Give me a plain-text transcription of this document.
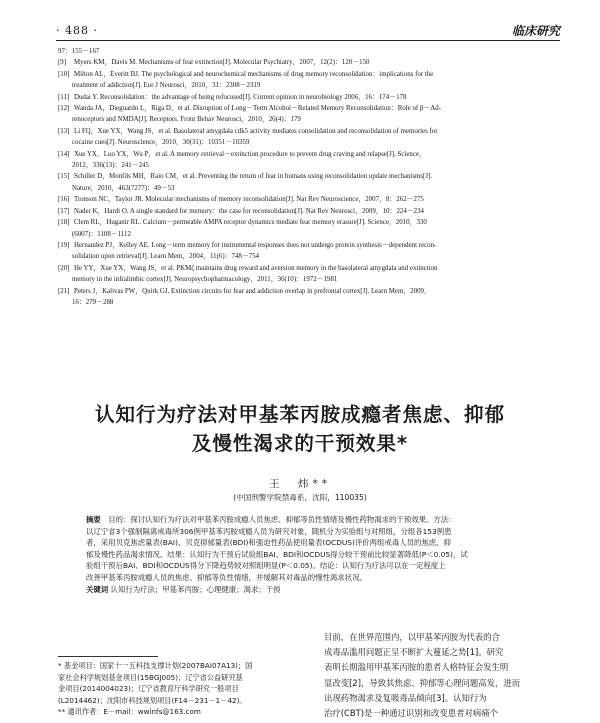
· 488 ·	临床研究
97：155－167
[9] Myers KM，Davis M. Mechanisms of fear extinction[J]. Molecular Psychiatry，2007，12(2)：120－150
[10] Milton AL，Everitt BJ. The psychological and neurochemical mechanisms of drug memory reconsolidation：implications for the
treatment of addiction[J]. Eur J Neurosci，2010，31：2308－2319
[11] Dudai Y. Reconsolidation：the advantage of being refocused[J]. Current opinion in neurobiology 2006，16：174－178
[12] Wanda JA，Dieguardo L，Riga D，et al. Disruption of Long－Term Alcohol－Related Memory Reconsolidation：Role of β－Ad-
renoceptors and NMDA[J]. Receptors. Front Behav Neurosci，2010，26(4)：179
[13] Li FQ，Xue YX，Wang JS，et al. Basolateral amygdala cdk5 activity mediates consolidation and reconsolidation of memories for
cocaine cues[J]. Neuroscience，2010，30(31)：10351－10359
[14] Xue YX，Luo YX，Wu P，et al. A memory retrieval－extinction procedure to prevent drug craving and relapse[J]. Science，
2012，336(13)：241－245
[15] Schiller D，Monfils MH，Raio CM，et al. Preventing the return of fear in humans using reconsolidation update mechanisms[J].
Nature，2010，463(7277)：49－53
[16] Tronson NC，Taylor JR. Molecular mechanisms of memory reconsolidation[J]. Nat Rev Neuroscience，2007，8：262－275
[17] Nader K，Hardt O. A single standard for memory：the case for reconsolidation[J]. Nat Rev Neurosci，2009，10：224－234
[18] Clem RL，Huganir RL. Calcium－permeable AMPA receptor dynamics mediate fear memory erasure[J]. Science，2010，330
(6007)：1108－1112
[19] Hernandez PJ，Kelley AE. Long－term memory for instrumental responses does not undergo protein synthesis－dependent recon-
solidation upon retrieval[J]. Learn Mem，2004，11(6)：748－754
[20] He YY，Xue YX，Wang JS，et al. PKMζ maintains drug reward and aversion memory in the basolateral amygdala and extinction
memory in the infralimbic cortex[J]. Neuropsychopharmacology，2011，36(10)：1972－1981
[21] Peters J，Kalivas PW，Quirk GJ. Extinction circuits for fear and addiction overlap in prefrontal cortex[J]. Learn Mem，2009，
16：279－288
认知行为疗法对甲基苯丙胺成瘾者焦虑、抑郁
及慢性渴求的干预效果*
王　炜**
(中国刑警学院禁毒系，沈阳，110035)
摘要　目的：探讨认知行为疗法对甲基苯丙胺成瘾人员焦虑、抑郁等负性情绪及慢性药物渴求的干预效果。方法：
以辽宁省3个强制隔离戒毒所306例甲基苯丙胺成瘾人员为研究对象，随机分为实验组与对照组，分组各153例患
者，采用贝克焦虑量表(BAI)、贝克抑郁量表(BDI)和强迫性药品使用量表(OCDUS)评价两组戒毒人员的焦虑、抑
郁及慢性药品渴求情况。结果：认知行为干预后试验组BAI、BDI和OCDUS得分较干预前比较显著降低(P＜0.05)，试
验组干预后BAI、BDI和OCDUS得分下降趋势较对照组明显(P＜0.05)。结论：认知行为疗法可以在一定程度上
改善甲基苯丙胺成瘾人员的焦虑、抑郁等负性情绪，并缓解其对毒品的慢性渴求状况。
关键词 认知行为疗法；甲基苯丙胺；心理健康；渴求；干预
* 基金项目：国家十一五科技支撑计划(2007BAI07A13)；国
家社会科学规划基金项目(15BGJ005)；辽宁省公益研究基
金项目(2014004023)；辽宁省教育厅科学研究一般项目
(L2014462)；沈阳市科技规划项目(F14－231－1－42)。
** 通讯作者：E－mail：wwlnfs@163.com
目前，在世界范围内，以甲基苯丙胺为代表的合
成毒品滥用问题正呈不断扩大蔓延之势[1]。研究
表明长期滥用甲基苯丙胺的患者人格特征会发生明
显改变[2]，导致其焦虑、抑郁等心理问题高发，进而
出现药物渴求及复吸毒品倾向[3]。认知行为
治疗(CBT)是一种通过识别和改变患者对病痛个
